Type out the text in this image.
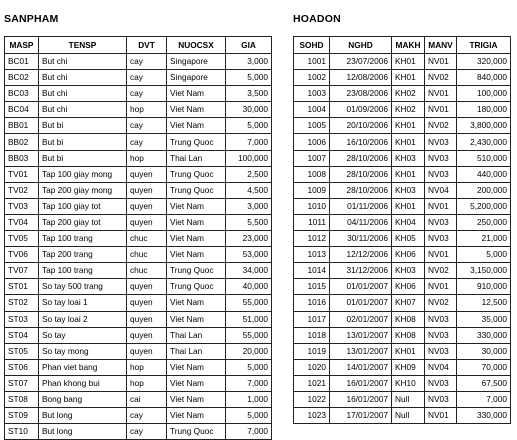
SANPHAM	HOADON
MASP	TENSP	DVT	NUOCSX	GIA
BC01	But chi	cay	Singapore	3,000
BC02	But chi	cay	Singapore	5,000
BC03	But chi	cay	Viet Nam	3,500
BC04	But chi	hop	Viet Nam	30,000
BB01	But bi	cay	Viet Nam	5,000
BB02	But bi	cay	Trung Quoc	7,000
BB03	But bi	hop	Thai Lan	100,000
TV01	Tap 100 giay mong	quyen	Trung Quoc	2,500
TV02	Tap 200 giay mong	quyen	Trung Quoc	4,500
TV03	Tap 100 giay tot	quyen	Viet Nam	3,000
TV04	Tap 200 giay tot	quyen	Viet Nam	5,500
TV05	Tap 100 trang	chuc	Viet Nam	23,000
TV06	Tap 200 trang	chuc	Viet Nam	53,000
TV07	Tap 100 trang	chuc	Trung Quoc	34,000
ST01	So tay 500 trang	quyen	Trung Quoc	40,000
ST02	So tay loai 1	quyen	Viet Nam	55,000
ST03	So tay loai 2	quyen	Viet Nam	51,000
ST04	So tay	quyen	Thai Lan	55,000
ST05	So tay mong	quyen	Thai Lan	20,000
ST06	Phan viet bang	hop	Viet Nam	5,000
ST07	Phan khong bui	hop	Viet Nam	7,000
ST08	Bong bang	cai	Viet Nam	1,000
ST09	But long	cay	Viet Nam	5,000
ST10	But long	cay	Trung Quoc	7,000
SOHD	NGHD	MAKH	MANV	TRIGIA
1001	23/07/2006	KH01	NV01	320,000
1002	12/08/2006	KH01	NV02	840,000
1003	23/08/2006	KH02	NV01	100,000
1004	01/09/2006	KH02	NV01	180,000
1005	20/10/2006	KH01	NV02	3,800,000
1006	16/10/2006	KH01	NV03	2,430,000
1007	28/10/2006	KH03	NV03	510,000
1008	28/10/2006	KH01	NV03	440,000
1009	28/10/2006	KH03	NV04	200,000
1010	01/11/2006	KH01	NV01	5,200,000
1011	04/11/2006	KH04	NV03	250,000
1012	30/11/2006	KH05	NV03	21,000
1013	12/12/2006	KH06	NV01	5,000
1014	31/12/2006	KH03	NV02	3,150,000
1015	01/01/2007	KH06	NV01	910,000
1016	01/01/2007	KH07	NV02	12,500
1017	02/01/2007	KH08	NV03	35,000
1018	13/01/2007	KH08	NV03	330,000
1019	13/01/2007	KH01	NV03	30,000
1020	14/01/2007	KH09	NV04	70,000
1021	16/01/2007	KH10	NV03	67,500
1022	16/01/2007	Null	NV03	7,000
1023	17/01/2007	Null	NV01	330,000
